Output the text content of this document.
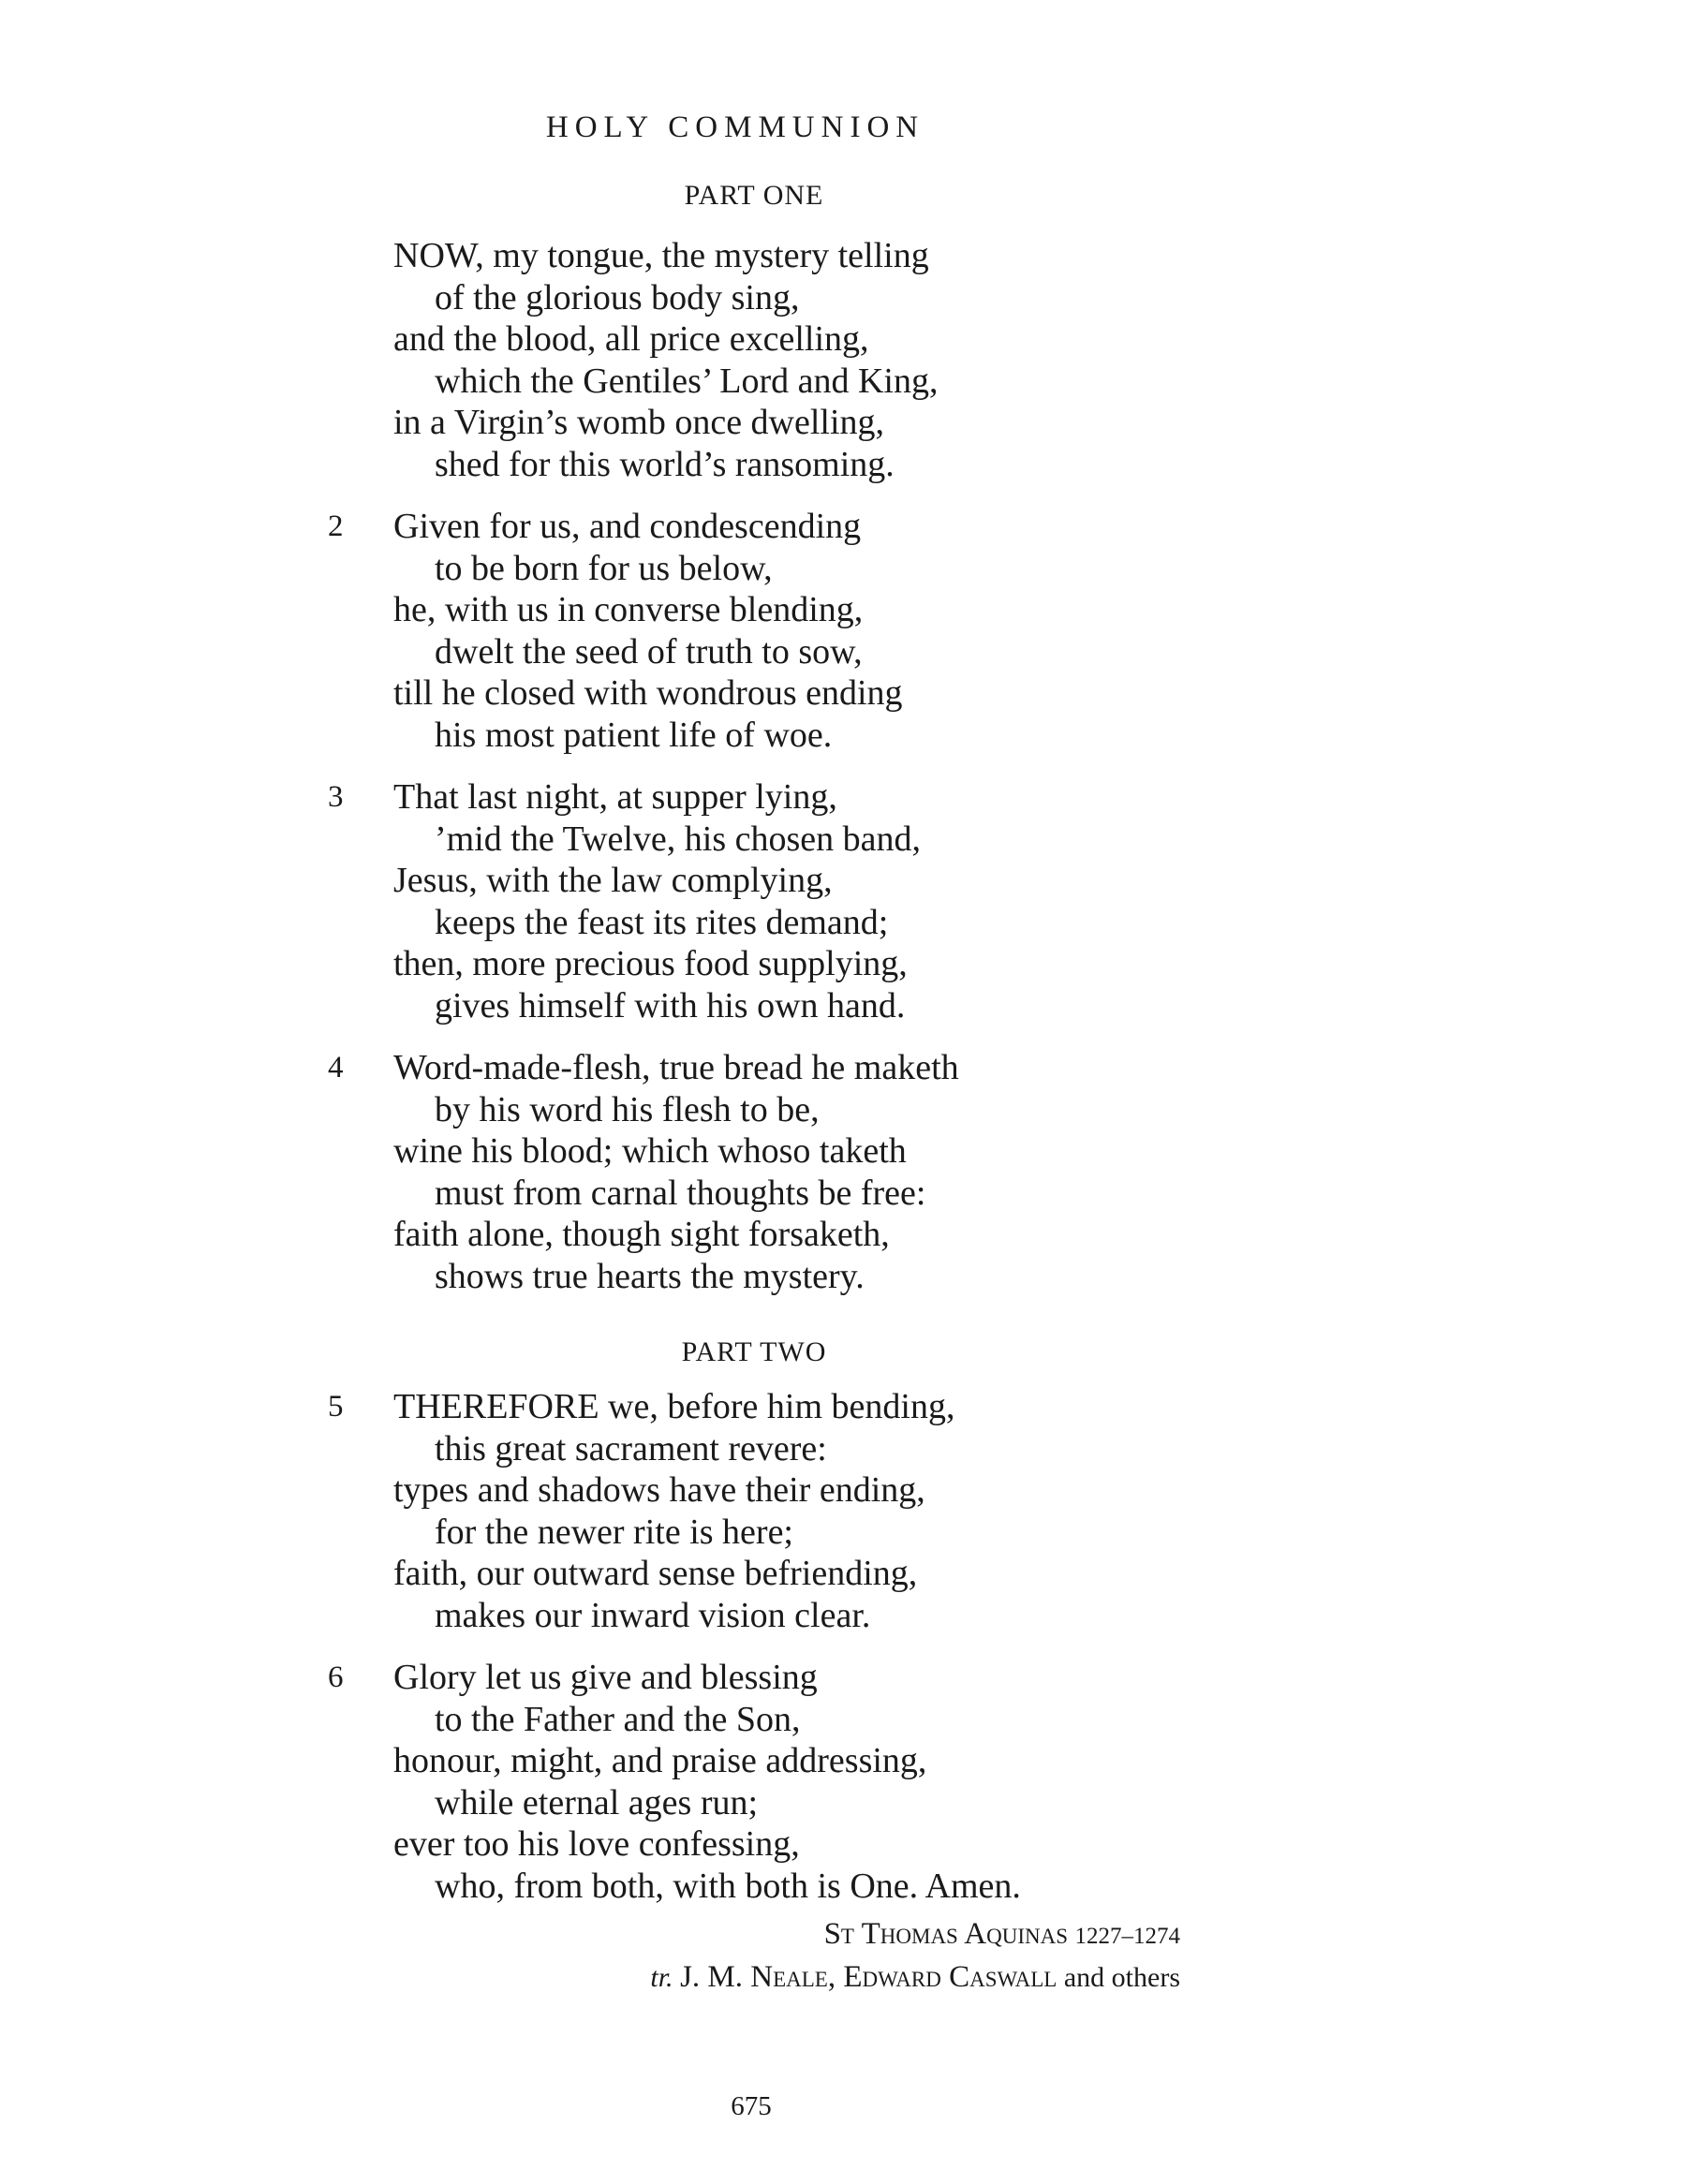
HOLY COMMUNION
PART ONE
NOW, my tongue, the mystery telling
of the glorious body sing,
and the blood, all price excelling,
which the Gentiles’ Lord and King,
in a Virgin’s womb once dwelling,
shed for this world’s ransoming.
2 Given for us, and condescending
to be born for us below,
he, with us in converse blending,
dwelt the seed of truth to sow,
till he closed with wondrous ending
his most patient life of woe.
3 That last night, at supper lying,
’mid the Twelve, his chosen band,
Jesus, with the law complying,
keeps the feast its rites demand;
then, more precious food supplying,
gives himself with his own hand.
4 Word-made-flesh, true bread he maketh
by his word his flesh to be,
wine his blood; which whoso taketh
must from carnal thoughts be free:
faith alone, though sight forsaketh,
shows true hearts the mystery.
PART TWO
5 THEREFORE we, before him bending,
this great sacrament revere:
types and shadows have their ending,
for the newer rite is here;
faith, our outward sense befriending,
makes our inward vision clear.
6 Glory let us give and blessing
to the Father and the Son,
honour, might, and praise addressing,
while eternal ages run;
ever too his love confessing,
who, from both, with both is One. Amen.
St Thomas Aquinas 1227–1274
tr. J. M. Neale, Edward Caswall and others
675
